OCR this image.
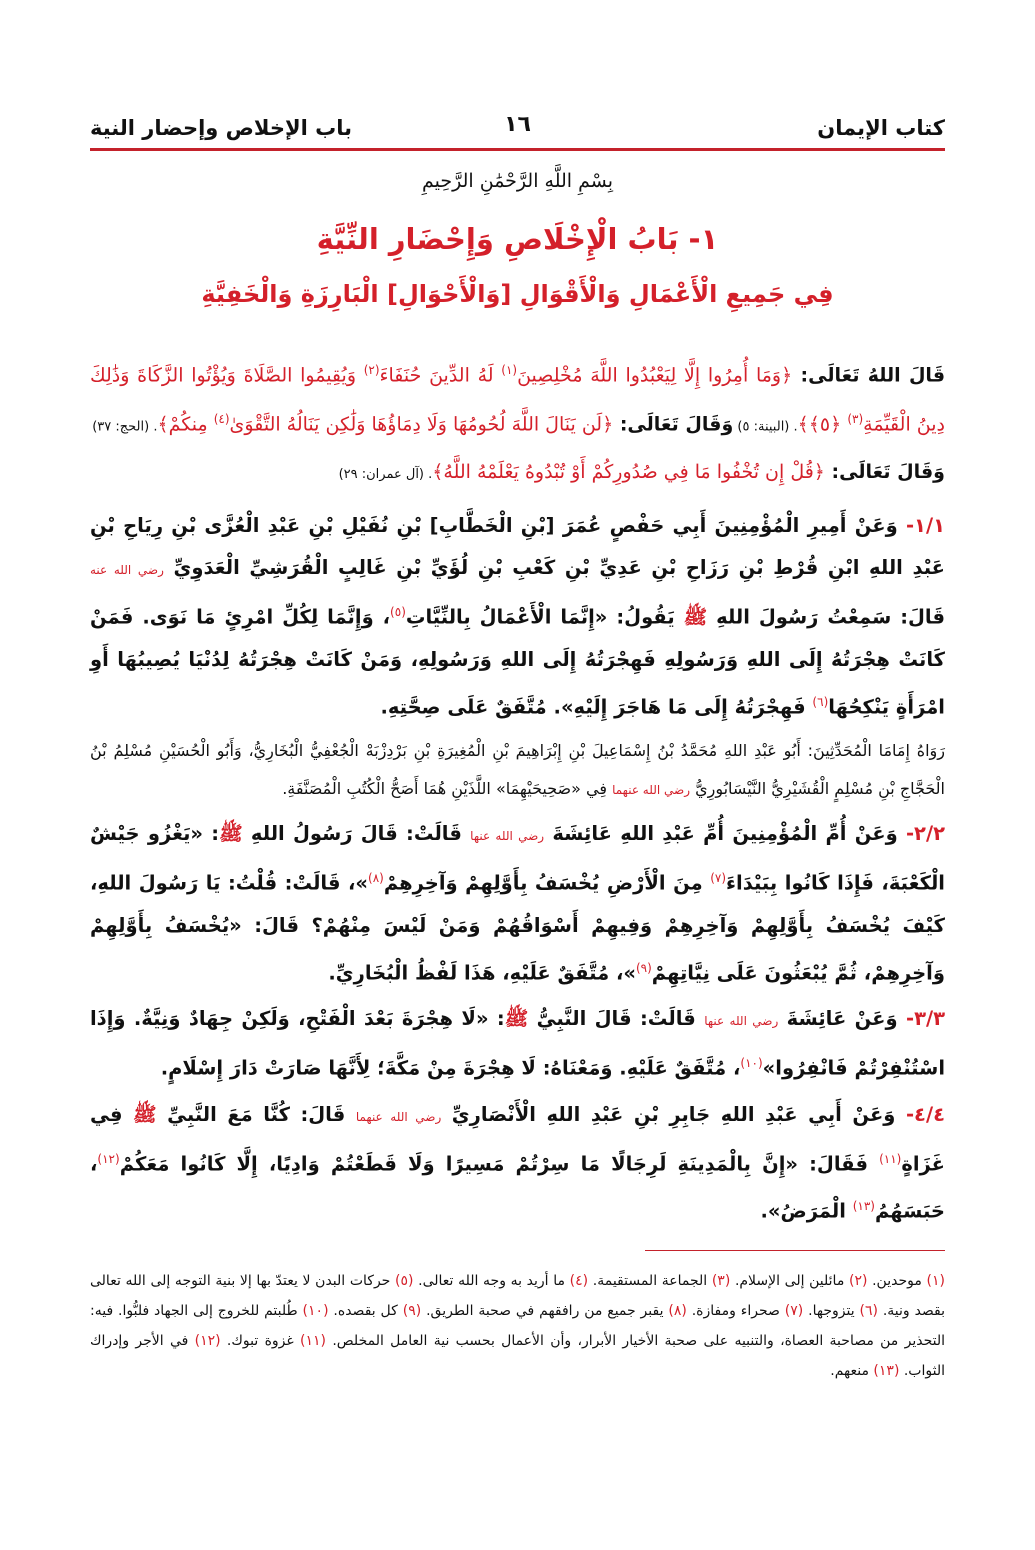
كتاب الإيمان
١٦
باب الإخلاص وإحضار النية
بِسْمِ اللَّهِ الرَّحْمَٰنِ الرَّحِيمِ
١- بَابُ الْإِخْلَاصِ وَإِحْضَارِ النِّيَّةِ
فِي جَمِيعِ الْأَعْمَالِ وَالْأَقْوَالِ [وَالْأَحْوَالِ] الْبَارِزَةِ وَالْخَفِيَّةِ
قَالَ اللهُ تَعَالَى: ﴿وَمَا أُمِرُوا إِلَّا لِيَعْبُدُوا اللَّهَ مُخْلِصِينَ$^{(١)}$ لَهُ الدِّينَ حُنَفَاءَ$^{(٢)}$ وَيُقِيمُوا الصَّلَاةَ وَيُؤْتُوا الزَّكَاةَ وَذَٰلِكَ دِينُ الْقَيِّمَةِ$^{(٣)}$ ﴿٥﴾﴾. (البينة: ٥) وَقَالَ تَعَالَى: ﴿لَن يَنَالَ اللَّهَ لُحُومُهَا وَلَا دِمَاؤُهَا وَلَٰكِن يَنَالُهُ التَّقْوَىٰ$^{(٤)}$ مِنكُمْ﴾. (الحج: ٣٧)
وَقَالَ تَعَالَى: ﴿قُلْ إِن تُخْفُوا مَا فِي صُدُورِكُمْ أَوْ تُبْدُوهُ يَعْلَمْهُ اللَّهُ﴾. (آل عمران: ٢٩)

١/١- وَعَنْ أَمِيرِ الْمُؤْمِنِينَ أَبِي حَفْصٍ عُمَرَ [بْنِ الْخَطَّابِ] بْنِ نُفَيْلِ بْنِ عَبْدِ الْعُزَّى بْنِ رِيَاحِ بْنِ عَبْدِ اللهِ ابْنِ قُرْطِ بْنِ رَزَاحِ بْنِ عَدِيِّ بْنِ كَعْبِ بْنِ لُؤَيِّ بْنِ غَالِبٍ الْقُرَشِيِّ الْعَدَوِيِّ رضي الله عنه قَالَ: سَمِعْتُ رَسُولَ اللهِ ﷺ يَقُولُ: «إِنَّمَا الْأَعْمَالُ بِالنِّيَّاتِ$^{(٥)}$، وَإِنَّمَا لِكُلِّ امْرِئٍ مَا نَوَى. فَمَنْ كَانَتْ هِجْرَتُهُ إِلَى اللهِ وَرَسُولِهِ فَهِجْرَتُهُ إِلَى اللهِ وَرَسُولِهِ، وَمَنْ كَانَتْ هِجْرَتُهُ لِدُنْيَا يُصِيبُهَا أَوِ امْرَأَةٍ يَنْكِحُهَا$^{(٦)}$ فَهِجْرَتُهُ إِلَى مَا هَاجَرَ إِلَيْهِ». مُتَّفَقٌ عَلَى صِحَّتِهِ.

رَوَاهُ إِمَامَا الْمُحَدِّثِينَ: أَبُو عَبْدِ اللهِ مُحَمَّدُ بْنُ إِسْمَاعِيلَ بْنِ إِبْرَاهِيمَ بْنِ الْمُغِيرَةِ بْنِ بَرْدِزْبَهْ الْجُعْفِيُّ الْبُخَارِيُّ، وَأَبُو الْحُسَيْنِ مُسْلِمُ بْنُ الْحَجَّاجِ بْنِ مُسْلِمٍ الْقُشَيْرِيُّ النَّيْسَابُورِيُّ رضي الله عنهما فِي «صَحِيحَيْهِمَا» اللَّذَيْنِ هُمَا أَصَحُّ الْكُتُبِ الْمُصَنَّفَةِ.

٢/٢- وَعَنْ أُمِّ الْمُؤْمِنِينَ أُمِّ عَبْدِ اللهِ عَائِشَةَ رضي الله عنها قَالَتْ: قَالَ رَسُولُ اللهِ ﷺ: «يَغْزُو جَيْشٌ الْكَعْبَةَ، فَإِذَا كَانُوا بِبَيْدَاءَ$^{(٧)}$ مِنَ الْأَرْضِ يُخْسَفُ بِأَوَّلِهِمْ وَآخِرِهِمْ$^{(٨)}$»، قَالَتْ: قُلْتُ: يَا رَسُولَ اللهِ، كَيْفَ يُخْسَفُ بِأَوَّلِهِمْ وَآخِرِهِمْ وَفِيهِمْ أَسْوَاقُهُمْ وَمَنْ لَيْسَ مِنْهُمْ؟ قَالَ: «يُخْسَفُ بِأَوَّلِهِمْ وَآخِرِهِمْ، ثُمَّ يُبْعَثُونَ عَلَى نِيَّاتِهِمْ$^{(٩)}$»، مُتَّفَقٌ عَلَيْهِ، هَذَا لَفْظُ الْبُخَارِيِّ.

٣/٣- وَعَنْ عَائِشَةَ رضي الله عنها قَالَتْ: قَالَ النَّبِيُّ ﷺ: «لَا هِجْرَةَ بَعْدَ الْفَتْحِ، وَلَكِنْ جِهَادٌ وَنِيَّةٌ. وَإِذَا اسْتُنْفِرْتُمْ فَانْفِرُوا»$^{(١٠)}$، مُتَّفَقٌ عَلَيْهِ. وَمَعْنَاهُ: لَا هِجْرَةَ مِنْ مَكَّةَ؛ لِأَنَّهَا صَارَتْ دَارَ إِسْلَامٍ.

٤/٤- وَعَنْ أَبِي عَبْدِ اللهِ جَابِرِ بْنِ عَبْدِ اللهِ الْأَنْصَارِيِّ رضي الله عنهما قَالَ: كُنَّا مَعَ النَّبِيِّ ﷺ فِي غَزَاةٍ$^{(١١)}$ فَقَالَ: «إِنَّ بِالْمَدِينَةِ لَرِجَالًا مَا سِرْتُمْ مَسِيرًا وَلَا قَطَعْتُمْ وَادِيًا، إِلَّا كَانُوا مَعَكُمْ$^{(١٢)}$، حَبَسَهُمُ$^{(١٣)}$ الْمَرَضُ».

(١) موحدين. (٢) مائلين إلى الإسلام. (٣) الجماعة المستقيمة. (٤) ما أريد به وجه الله تعالى. (٥) حركات البدن لا يعتدّ بها إلا بنية التوجه إلى الله تعالى بقصد ونية. (٦) يتزوجها. (٧) صحراء ومفازة. (٨) يقبر جميع من رافقهم في صحبة الطريق. (٩) كل بقصده. (١٠) طُلبتم للخروج إلى الجهاد فلبُّوا. فيه: التحذير من مصاحبة العصاة، والتنبيه على صحبة الأخيار الأبرار، وأن الأعمال بحسب نية العامل المخلص. (١١) غزوة تبوك. (١٢) في الأجر وإدراك الثواب. (١٣) منعهم.
